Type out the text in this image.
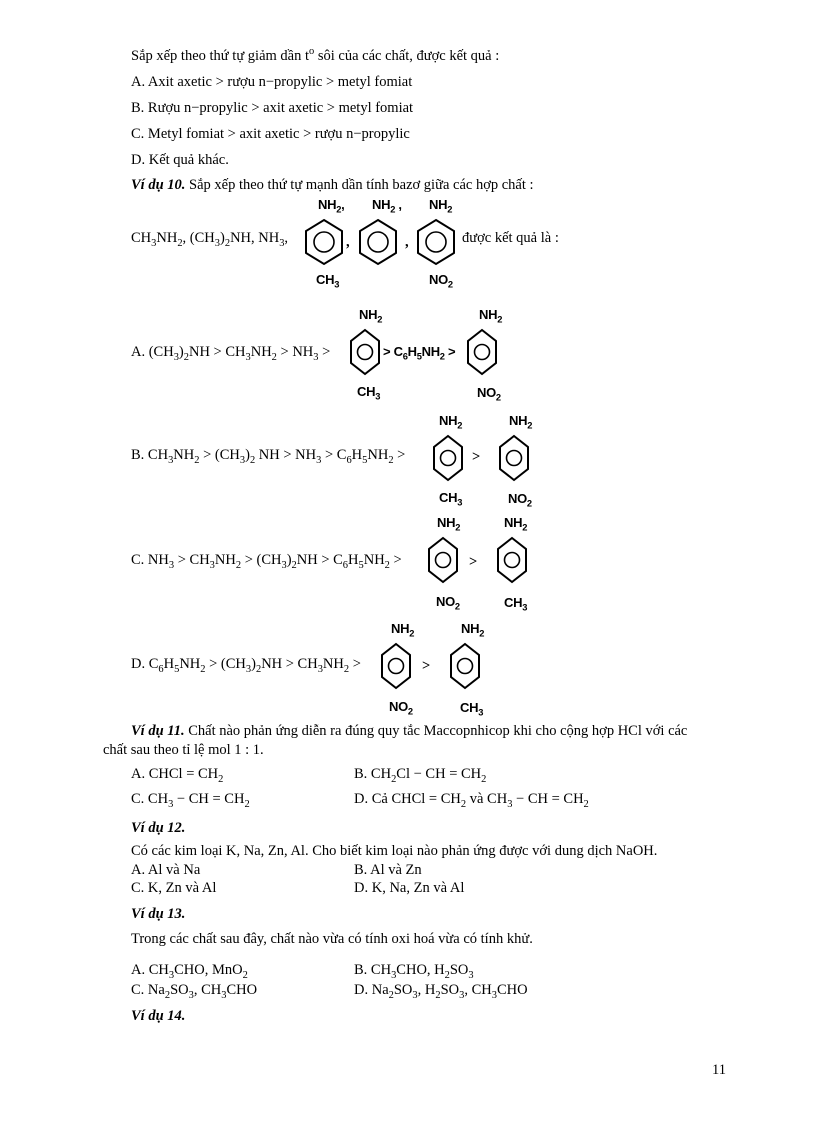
Sắp xếp theo thứ tự giảm dần $t^o$ sôi của các chất, được kết quả :
A. Axit axetic > rượu n−propylic > metyl fomiat
B. Rượu n−propylic > axit axetic > metyl fomiat
C. Metyl fomiat > axit axetic > rượu n−propylic
D. Kết quả khác.
Ví dụ 10. Sắp xếp theo thứ tự mạnh dần tính bazơ giữa các hợp chất :
$CH_3NH_2$, $(CH_3)_2NH$, $NH_3$,
$NH_2$,
$CH_3$
,
$NH_2$ ,
,
$NH_2$
$NO_2$
được kết quả là :
A. $(CH_3)_2NH > CH_3NH_2 > NH_3$ >
$NH_2$
$CH_3$
> $C_6H_5NH_2$ >
$NH_2$
$NO_2$
B. $CH_3NH_2 > (CH_3)_2$ NH > $NH_3 > C_6H_5NH_2$ >
$NH_2$
$CH_3$
>
$NH_2$
$NO_2$
C. $NH_3 > CH_3NH_2 > (CH_3)_2NH > C_6H_5NH_2$ >
$NH_2$
$NO_2$
>
$NH_2$
$CH_3$
D. $C_6H_5NH_2 > (CH_3)_2NH > CH_3NH_2$ >
$NH_2$
$NO_2$
>
$NH_2$
$CH_3$
Ví dụ 11. Chất nào phản ứng diễn ra đúng quy tắc Maccopnhicop khi cho cộng hợp HCl với các
chất sau theo tỉ lệ mol 1 : 1.
A. CHCl = $CH_2$	B. $CH_2Cl$ − CH = $CH_2$
C. $CH_3$ − CH = $CH_2$	D. Cả CHCl = $CH_2$ và $CH_3$ − CH = $CH_2$
Ví dụ 12.
Có các kim loại K, Na, Zn, Al. Cho biết kim loại nào phản ứng được với dung dịch NaOH.
A. Al và Na	B. Al và Zn
C. K, Zn và Al	D. K, Na, Zn và Al
Ví dụ 13.
Trong các chất sau đây, chất nào vừa có tính oxi hoá vừa có tính khử.
A. $CH_3CHO$, MnO$_2$	B. $CH_3CHO$, $H_2SO_3$
C. $Na_2SO_3$, $CH_3CHO$	D. $Na_2SO_3$, $H_2SO_3$, $CH_3CHO$
Ví dụ 14.
11
